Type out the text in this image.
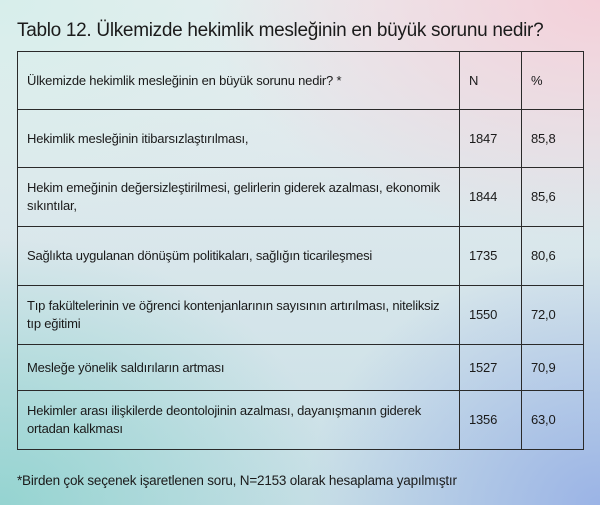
Tablo 12. Ülkemizde hekimlik mesleğinin en büyük sorunu nedir?
Ülkemizde hekimlik mesleğinin en büyük sorunu nedir? *	N	%
Hekimlik mesleğinin itibarsızlaştırılması,	1847	85,8
Hekim emeğinin değersizleştirilmesi, gelirlerin giderek azalması, ekonomik sıkıntılar,	1844	85,6
Sağlıkta uygulanan dönüşüm politikaları, sağlığın ticarileşmesi	1735	80,6
Tıp fakültelerinin ve öğrenci kontenjanlarının sayısının artırılması, niteliksiz tıp eğitimi	1550	72,0
Mesleğe yönelik saldırıların artması	1527	70,9
Hekimler arası ilişkilerde deontolojinin azalması, dayanışmanın giderek ortadan kalkması	1356	63,0
*Birden çok seçenek işaretlenen soru, N=2153 olarak hesaplama yapılmıştır
